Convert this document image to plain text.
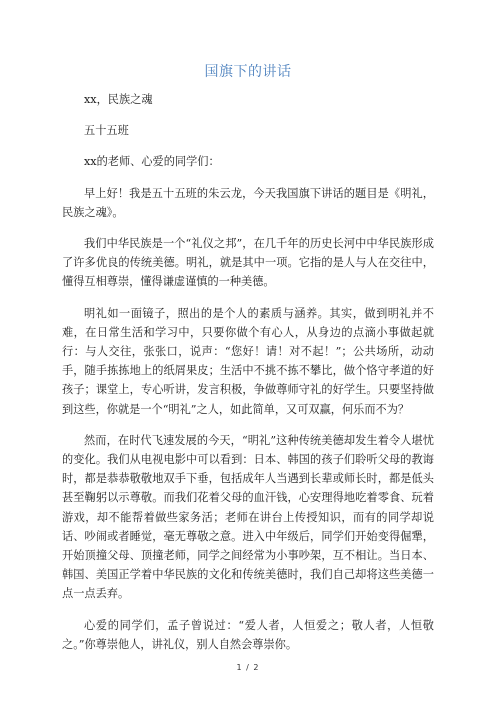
国旗下的讲话

xx，民族之魂

五十五班

xx的老师、心爱的同学们：

早上好！我是五十五班的朱云龙，今天我国旗下讲话的题目是《明礼，民族之魂》。

我们中华民族是一个“礼仪之邦”，在几千年的历史长河中中华民族形成了许多优良的传统美德。明礼，就是其中一项。它指的是人与人在交往中，懂得互相尊崇，懂得谦虚谨慎的一种美德。

明礼如一面镜子，照出的是个人的素质与涵养。其实，做到明礼并不难，在日常生活和学习中，只要你做个有心人，从身边的点滴小事做起就行：与人交往，张张口，说声：“您好！请！对不起！”；公共场所，动动手，随手拣拣地上的纸屑果皮；生活中不挑不拣不攀比，做个恪守孝道的好孩子；课堂上，专心听讲，发言积极，争做尊师守礼的好学生。只要坚持做到这些，你就是一个“明礼”之人，如此简单，又可双赢，何乐而不为？

然而，在时代飞速发展的今天，“明礼”这种传统美德却发生着令人堪忧的变化。我们从电视电影中可以看到：日本、韩国的孩子们聆听父母的教诲时，都是恭恭敬敬地双手下垂，包括成年人当遇到长辈或师长时，都是低头甚至鞠躬以示尊敬。而我们花着父母的血汗钱，心安理得地吃着零食、玩着游戏，却不能帮着做些家务活；老师在讲台上传授知识，而有的同学却说话、吵闹或者睡觉，毫无尊敬之意。进入中年级后，同学们开始变得倔犟，开始顶撞父母、顶撞老师，同学之间经常为小事吵架，互不相让。当日本、韩国、美国正学着中华民族的文化和传统美德时，我们自己却将这些美德一点一点丢弃。

心爱的同学们，孟子曾说过：“爱人者，人恒爱之；敬人者，人恒敬之。”你尊崇他人，讲礼仪，别人自然会尊崇你。

1 / 2
